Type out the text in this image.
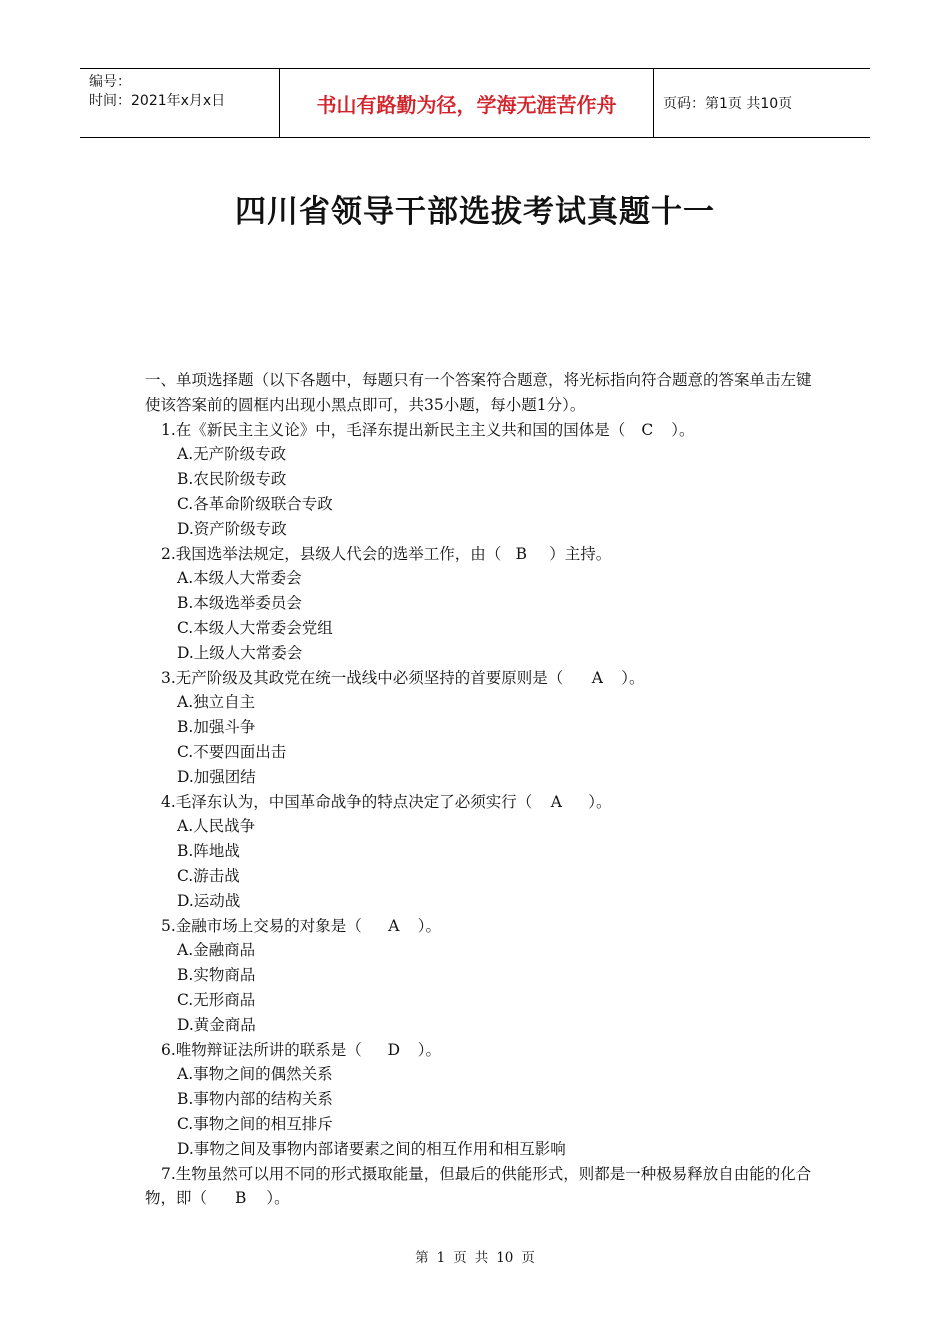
编号：
时间：2021年x月x日	书山有路勤为径，学海无涯苦作舟	页码：第1页 共10页
四川省领导干部选拔考试真题十一

一、单项选择题（以下各题中，每题只有一个答案符合题意，将光标指向符合题意的答案单击左键使该答案前的圆框内出现小黑点即可，共35小题，每小题1分）。

1.在《新民主主义论》中，毛泽东提出新民主主义共和国的国体是（ C ）。

A.无产阶级专政

B.农民阶级专政

C.各革命阶级联合专政

D.资产阶级专政

2.我国选举法规定，县级人代会的选举工作，由（ B ）主持。

A.本级人大常委会

B.本级选举委员会

C.本级人大常委会党组

D.上级人大常委会

3.无产阶级及其政党在统一战线中必须坚持的首要原则是（ A ）。

A.独立自主

B.加强斗争

C.不要四面出击

D.加强团结

4.毛泽东认为，中国革命战争的特点决定了必须实行（ A ）。

A.人民战争

B.阵地战

C.游击战

D.运动战

5.金融市场上交易的对象是（ A ）。

A.金融商品

B.实物商品

C.无形商品

D.黄金商品

6.唯物辩证法所讲的联系是（ D ）。

A.事物之间的偶然关系

B.事物内部的结构关系

C.事物之间的相互排斥

D.事物之间及事物内部诸要素之间的相互作用和相互影响

7.生物虽然可以用不同的形式摄取能量，但最后的供能形式，则都是一种极易释放自由能的化合物，即（ B ）。

第 1 页 共 10 页
